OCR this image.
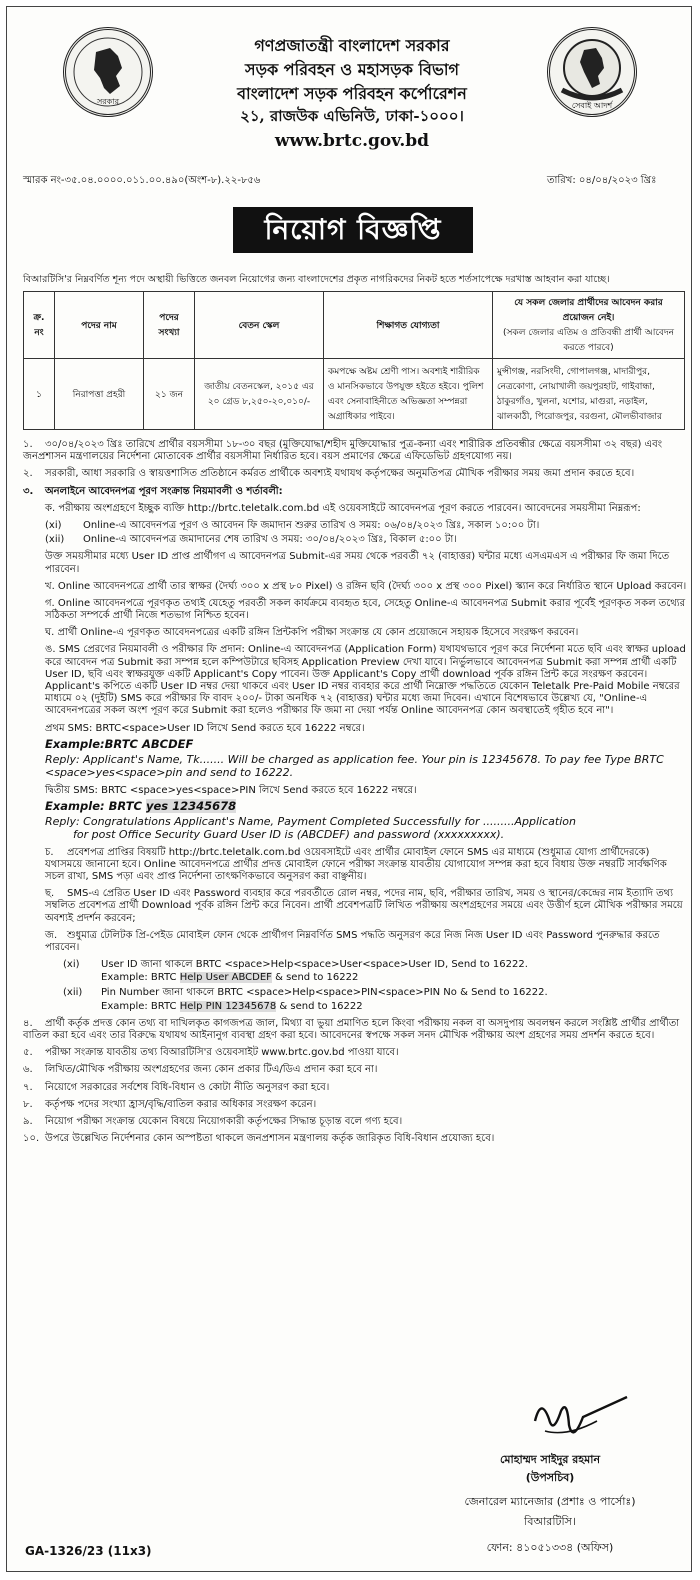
সরকার	সেবাই আদর্শ
গণপ্রজাতন্ত্রী বাংলাদেশ সরকার
সড়ক পরিবহন ও মহাসড়ক বিভাগ
বাংলাদেশ সড়ক পরিবহন কর্পোরেশন
২১, রাজউক এভিনিউ, ঢাকা-১০০০।
www.brtc.gov.bd
স্মারক নং-৩৫.০৪.০০০০.০১১.০০.৪৯০(অংশ-৮).২২-৮৫৬	তারিখ: ০৪/০৪/২০২৩ খ্রিঃ
নিয়োগ বিজ্ঞপ্তি
বিআরটিসি'র নিম্নবর্ণিত শূন্য পদে অস্থায়ী ভিত্তিতে জনবল নিয়োগের জন্য বাংলাদেশের প্রকৃত নাগরিকদের নিকট হতে শর্তসাপেক্ষে দরখাস্ত আহবান করা যাচ্ছে।
ক্র. নং	পদের নাম	পদের সংখ্যা	বেতন স্কেল	শিক্ষাগত যোগ্যতা	যে সকল জেলার প্রার্থীদের আবেদন করার প্রয়োজন নেই।
(সকল জেলার এতিম ও প্রতিবন্ধী প্রার্থী আবেদন করতে পারবে)

১	নিরাপত্তা প্রহরী	২১ জন	জাতীয় বেতনস্কেল, ২০১৫ এর ২০ গ্রেড ৮,২৫০-২০,০১০/-	কমপক্ষে অষ্টম শ্রেণী পাস। অবশ্যই শারীরিক ও মানসিকভাবে উপযুক্ত হইতে হইবে। পুলিশ এবং সেনাবাহিনীতে অভিজ্ঞতা সম্পন্নরা অগ্রাধিকার পাইবে।	মুন্সীগঞ্জ, নরসিংদী, গোপালগঞ্জ, মাদারীপুর, নেত্রকোণা, নোয়াখালী জয়পুরহাট, গাইবান্ধা, ঠাকুরগাঁও, খুলনা, যশোর, মাগুরা, নড়াইল, ঝালকাঠী, পিরোজপুর, বরগুনা, মৌলভীবাজার

১. ৩০/০৪/২০২৩ খ্রিঃ তারিখে প্রার্থীর বয়সসীমা ১৮-৩০ বছর (মুক্তিযোদ্ধা/শহীদ মুক্তিযোদ্ধার পুত্র-কন্যা এবং শারীরিক প্রতিবন্ধীর ক্ষেত্রে বয়সসীমা ৩২ বছর) এবং জনপ্রশাসন মন্ত্রণালয়ের নির্দেশনা মোতাবেক প্রার্থীর বয়সসীমা নির্ধারিত হবে। বয়স প্রমাণের ক্ষেত্রে এফিডেভিট গ্রহণযোগ্য নয়।

২. সরকারী, আধা সরকারি ও স্বায়ত্তশাসিত প্রতিষ্ঠানে কর্মরত প্রার্থীকে অবশ্যই যথাযথ কর্তৃপক্ষের অনুমতিপত্র মৌখিক পরীক্ষার সময় জমা প্রদান করতে হবে।

৩. অনলাইনে আবেদনপত্র পূরণ সংক্রান্ত নিয়মাবলী ও শর্তাবলী:

ক. পরীক্ষায় অংশগ্রহণে ইচ্ছুক ব্যক্তি http://brtc.teletalk.com.bd এই ওয়েবসাইটে আবেদনপত্র পূরণ করতে পারবেন। আবেদনের সময়সীমা নিম্নরূপ:

(xi) Online-এ আবেদনপত্র পূরণ ও আবেদন ফি জমাদান শুরুর তারিখ ও সময়: ০৬/০৪/২০২৩ খ্রিঃ, সকাল ১০:০০ টা।

(xii) Online-এ আবেদনপত্র জমাদানের শেষ তারিখ ও সময়: ৩০/০৪/২০২৩ খ্রিঃ, বিকাল ৫:০০ টা।

উক্ত সময়সীমার মধ্যে User ID প্রাপ্ত প্রার্থীগণ এ আবেদনপত্র Submit-এর সময় থেকে পরবর্তী ৭২ (বাহাত্তর) ঘন্টার মধ্যে এসএমএস এ পরীক্ষার ফি জমা দিতে পারবেন।

খ. Online আবেদনপত্রে প্রার্থী তার স্বাক্ষর (দৈর্ঘ্য ৩০০ x প্রস্থ ৮০ Pixel) ও রঙ্গিন ছবি (দৈর্ঘ্য ৩০০ x প্রস্থ ৩০০ Pixel) স্ক্যান করে নির্ধারিত স্থানে Upload করবেন।

গ. Online আবেদনপত্রে পূরণকৃত তথ্যই যেহেতু পরবর্তী সকল কার্যক্রমে ব্যবহৃত হবে, সেহেতু Online-এ আবেদনপত্র Submit করার পূর্বেই পূরণকৃত সকল তথ্যের সঠিকতা সম্পর্কে প্রার্থী নিজে শতভাগ নিশ্চিত হবেন।

ঘ. প্রার্থী Online-এ পূরণকৃত আবেদনপত্রের একটি রঙ্গিন প্রিন্টকপি পরীক্ষা সংক্রান্ত যে কোন প্রয়োজনে সহায়ক হিসেবে সংরক্ষণ করবেন।

ঙ. SMS প্রেরণের নিয়মাবলী ও পরীক্ষার ফি প্রদান: Online-এ আবেদনপত্র (Application Form) যথাযথভাবে পূরণ করে নির্দেশনা মতে ছবি এবং স্বাক্ষর upload করে আবেদন পত্র Submit করা সম্পন্ন হলে কম্পিউটারে ছবিসহ Application Preview দেখা যাবে। নির্ভুলভাবে আবেদনপত্র Submit করা সম্পন্ন প্রার্থী একটি User ID, ছবি এবং স্বাক্ষরযুক্ত একটি Applicant's Copy পাবেন। উক্ত Applicant's Copy প্রার্থী download পূর্বক রঙ্গিন প্রিন্ট করে সংরক্ষণ করবেন। Applicant's কপিতে একটি User ID নম্বর দেয়া থাকবে এবং User ID নম্বর ব্যবহার করে প্রার্থী নিম্নোক্ত পদ্ধতিতে যেকোন Teletalk Pre-Paid Mobile নম্বরের মাধ্যমে ০২ (দুইটি) SMS করে পরীক্ষার ফি বাবদ ২০০/- টাকা অনধিক ৭২ (বাহাত্তর) ঘন্টার মধ্যে জমা দিবেন। এখানে বিশেষভাবে উল্লেখ্য যে, "Online-এ আবেদনপত্রের সকল অংশ পূরণ করে Submit করা হলেও পরীক্ষার ফি জমা না দেয়া পর্যন্ত Online আবেদনপত্র কোন অবস্থাতেই গৃহীত হবে না"।

প্রথম SMS: BRTC<space>User ID লিখে Send করতে হবে 16222 নম্বরে।

Example:BRTC ABCDEF

Reply: Applicant's Name, Tk....... Will be charged as application fee. Your pin is 12345678. To pay fee Type BRTC <space>yes<space>pin and send to 16222.

দ্বিতীয় SMS: BRTC <space>yes<space>PIN লিখে Send করতে হবে 16222 নম্বরে।

Example: BRTC yes 12345678

Reply: Congratulations Applicant's Name, Payment Completed Successfully for .........Application

for post Office Security Guard User ID is (ABCDEF) and password (xxxxxxxxx).

চ. প্রবেশপত্র প্রাপ্তির বিষয়টি http://brtc.teletalk.com.bd ওয়েবসাইটে এবং প্রার্থীর মোবাইল ফোনে SMS এর মাধ্যমে (শুধুমাত্র যোগ্য প্রার্থীদেরকে) যথাসময়ে জানানো হবে। Online আবেদনপত্রে প্রার্থীর প্রদত্ত মোবাইল ফোনে পরীক্ষা সংক্রান্ত যাবতীয় যোগাযোগ সম্পন্ন করা হবে বিধায় উক্ত নম্বরটি সার্বক্ষণিক সচল রাখা, SMS পড়া এবং প্রাপ্ত নির্দেশনা তাৎক্ষণিকভাবে অনুসরণ করা বাঞ্ছনীয়।

ছ. SMS-এ প্রেরিত User ID এবং Password ব্যবহার করে পরবর্তীতে রোল নম্বর, পদের নাম, ছবি, পরীক্ষার তারিখ, সময় ও স্থানের/কেন্দ্রের নাম ইত্যাদি তথ্য সম্বলিত প্রবেশপত্র প্রার্থী Download পূর্বক রঙ্গিন প্রিন্ট করে নিবেন। প্রার্থী প্রবেশপত্রটি লিখিত পরীক্ষায় অংশগ্রহণের সময়ে এবং উত্তীর্ণ হলে মৌখিক পরীক্ষার সময়ে অবশ্যই প্রদর্শন করবেন;

জ. শুধুমাত্র টেলিটক প্রি-পেইড মোবাইল ফোন থেকে প্রার্থীগণ নিম্নবর্ণিত SMS পদ্ধতি অনুসরণ করে নিজ নিজ User ID এবং Password পুনরুদ্ধার করতে পারবেন।

(xi) User ID জানা থাকলে BRTC <space>Help<space>User<space>User ID, Send to 16222.

Example: BRTC Help User ABCDEF & send to 16222

(xii) Pin Number জানা থাকলে BRTC <space>Help<space>PIN<space>PIN No & Send to 16222.

Example: BRTC Help PIN 12345678 & send to 16222

৪. প্রার্থী কর্তৃক প্রদত্ত কোন তথ্য বা দাখিলকৃত কাগজপত্র জাল, মিথ্যা বা ভুয়া প্রমাণিত হলে কিংবা পরীক্ষায় নকল বা অসদুপায় অবলম্বন করলে সংশ্লিষ্ট প্রার্থীর প্রার্থীতা বাতিল করা হবে এবং তার বিরুদ্ধে যথাযথ আইনানুগ ব্যবস্থা গ্রহণ করা হবে। আবেদনের স্বপক্ষে সকল সনদ মৌখিক পরীক্ষায় অংশ গ্রহণের সময় প্রদর্শন করতে হবে।

৫. পরীক্ষা সংক্রান্ত যাবতীয় তথ্য বিআরটিসি'র ওয়েবসাইট www.brtc.gov.bd পাওয়া যাবে।

৬. লিখিত/মৌখিক পরীক্ষায় অংশগ্রহণের জন্য কোন প্রকার টিএ/ডিএ প্রদান করা হবে না।

৭. নিয়োগে সরকারের সর্বশেষ বিধি-বিধান ও কোটা নীতি অনুসরণ করা হবে।

৮. কর্তৃপক্ষ পদের সংখ্যা হ্রাস/বৃদ্ধি/বাতিল করার অধিকার সংরক্ষণ করেন।

৯. নিয়োগ পরীক্ষা সংক্রান্ত যেকোন বিষয়ে নিয়োগকারী কর্তৃপক্ষের সিদ্ধান্ত চূড়ান্ত বলে গণ্য হবে।

১০. উপরে উল্লেখিত নির্দেশনার কোন অস্পষ্টতা থাকলে জনপ্রশাসন মন্ত্রণালয় কর্তৃক জারিকৃত বিধি-বিধান প্রযোজ্য হবে।

মোহাম্মদ সাইদুর রহমান
(উপসচিব)
জেনারেল ম্যানেজার (প্রশাঃ ও পার্সোঃ)
বিআরটিসি।
ফোন: ৪১০৫১৩৩৪ (অফিস)
GA-1326/23 (11x3)
